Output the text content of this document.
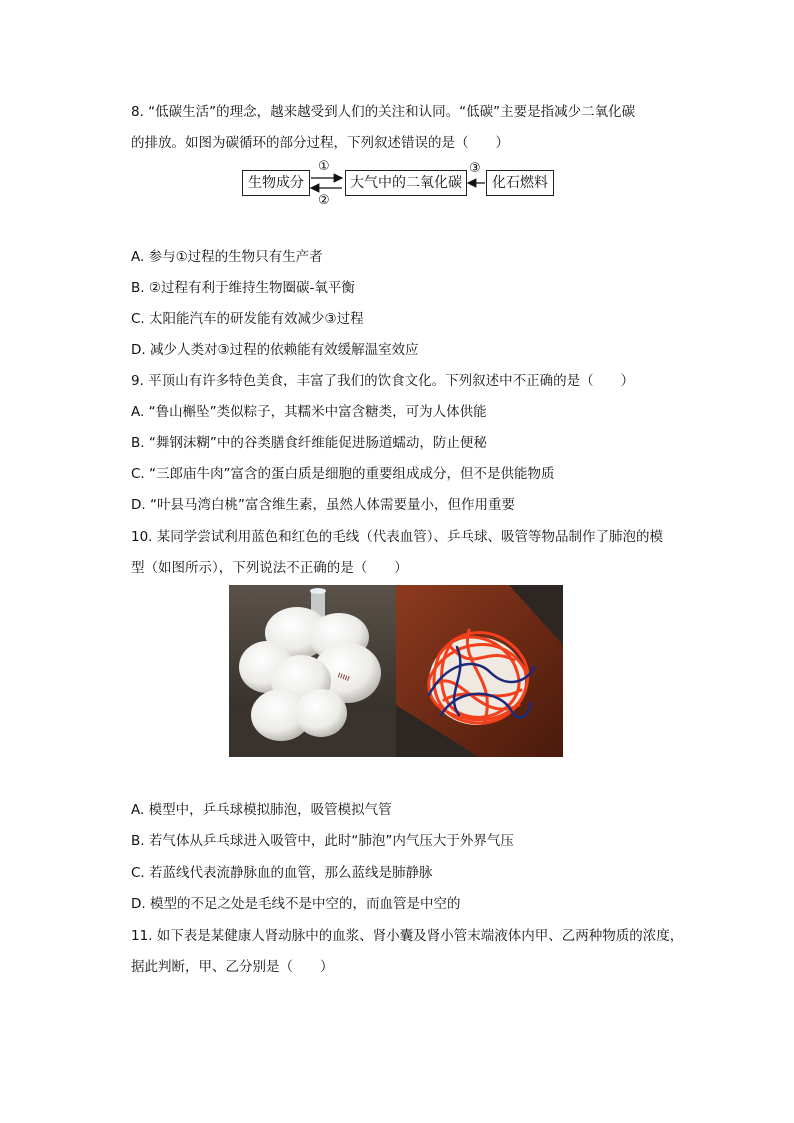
8. “低碳生活”的理念，越来越受到人们的关注和认同。“低碳”主要是指减少二氧化碳
的排放。如图为碳循环的部分过程，下列叙述错误的是（　　）
生物成分	大气中的二氧化碳	化石燃料
①
②
③
A. 参与①过程的生物只有生产者
B. ②过程有利于维持生物圈碳-氧平衡
C. 太阳能汽车的研发能有效减少③过程
D. 减少人类对③过程的依赖能有效缓解温室效应
9. 平顶山有许多特色美食，丰富了我们的饮食文化。下列叙述中不正确的是（　　）
A. “鲁山槲坠”类似粽子，其糯米中富含糖类，可为人体供能
B. “舞钢沫糊”中的谷类膳食纤维能促进肠道蠕动，防止便秘
C. “三郎庙牛肉”富含的蛋白质是细胞的重要组成成分，但不是供能物质
D. “叶县马湾白桃”富含维生素，虽然人体需要量小，但作用重要
10. 某同学尝试利用蓝色和红色的毛线（代表血管）、乒乓球、吸管等物品制作了肺泡的模
型（如图所示），下列说法不正确的是（　　）
ııııı
A. 模型中，乒乓球模拟肺泡，吸管模拟气管
B. 若气体从乒乓球进入吸管中，此时“肺泡”内气压大于外界气压
C. 若蓝线代表流静脉血的血管，那么蓝线是肺静脉
D. 模型的不足之处是毛线不是中空的，而血管是中空的
11. 如下表是某健康人肾动脉中的血浆、肾小囊及肾小管末端液体内甲、乙两种物质的浓度，
据此判断，甲、乙分别是（　　）
